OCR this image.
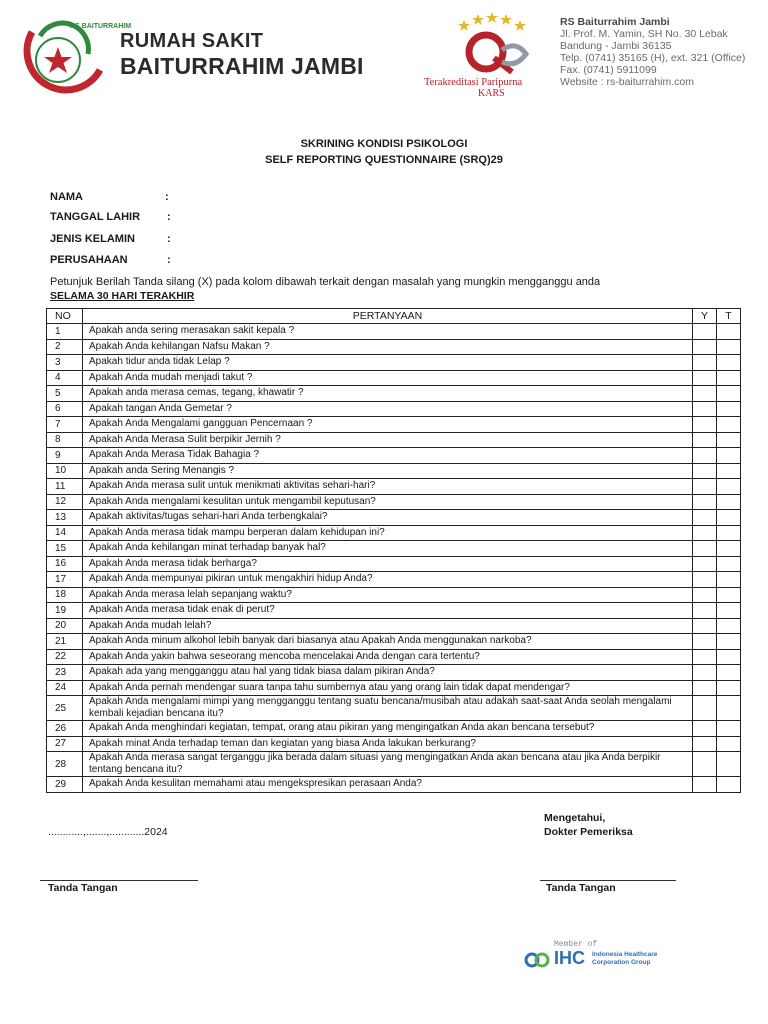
RS BAITURRAHIM
RUMAH SAKIT
BAITURRAHIM JAMBI
Terakreditasi Paripurna
KARS
RS Baiturrahim Jambi
Jl. Prof. M. Yamin, SH No. 30 Lebak
Bandung - Jambi 36135
Telp. (0741) 35165 (H), ext. 321 (Office)
Fax. (0741) 5911099
Website : rs-baiturrahim.com
SKRINING KONDISI PSIKOLOGI
SELF REPORTING QUESTIONNAIRE (SRQ)29
NAMA	:
TANGGAL LAHIR :
JENIS KELAMIN	:
PERUSAHAAN	:
Petunjuk Berilah Tanda silang (X) pada kolom dibawah terkait dengan masalah yang mungkin mengganggu anda
SELAMA 30 HARI TERAKHIR
NO	PERTANYAAN	Y	T
1	Apakah anda sering merasakan sakit kepala ?		
2	Apakah Anda kehilangan Nafsu Makan ?		
3	Apakah tidur anda tidak Lelap ?		
4	Apakah Anda mudah menjadi takut ?		
5	Apakah anda merasa cemas, tegang, khawatir ?		
6	Apakah tangan Anda Gemetar ?		
7	Apakah Anda Mengalami gangguan Pencernaan ?		
8	Apakah Anda Merasa Sulit berpikir Jernih ?		
9	Apakah Anda Merasa Tidak Bahagia ?		
10	Apakah anda Sering Menangis ?		
11	Apakah Anda merasa sulit untuk menikmati aktivitas sehari-hari?		
12	Apakah Anda mengalami kesulitan untuk mengambil keputusan?		
13	Apakah aktivitas/tugas sehari-hari Anda terbengkalai?		
14	Apakah Anda merasa tidak mampu berperan dalam kehidupan ini?		
15	Apakah Anda kehilangan minat terhadap banyak hal?		
16	Apakah Anda merasa tidak berharga?		
17	Apakah Anda mempunyai pikiran untuk mengakhiri hidup Anda?		
18	Apakah Anda merasa lelah sepanjang waktu?		
19	Apakah Anda merasa tidak enak di perut?		
20	Apakah Anda mudah lelah?		
21	Apakah Anda minum alkohol lebih banyak dari biasanya atau Apakah Anda menggunakan narkoba?		
22	Apakah Anda yakin bahwa seseorang mencoba mencelakai Anda dengan cara tertentu?		
23	Apakah ada yang mengganggu atau hal yang tidak biasa dalam pikiran Anda?		
24	Apakah Anda pernah mendengar suara tanpa tahu sumbernya atau yang orang lain tidak dapat mendengar?		
25	Apakah Anda mengalami mimpi yang mengganggu tentang suatu bencana/musibah atau adakah saat-saat Anda seolah mengalami kembali kejadian bencana itu?		
26	Apakah Anda menghindari kegiatan, tempat, orang atau pikiran yang mengingatkan Anda akan bencana tersebut?		
27	Apakah minat Anda terhadap teman dan kegiatan yang biasa Anda lakukan berkurang?		
28	Apakah Anda merasa sangat terganggu jika berada dalam situasi yang mengingatkan Anda akan bencana atau jika Anda berpikir tentang bencana itu?		
29	Apakah Anda kesulitan memahami atau mengekspresikan perasaan Anda?		
Mengetahui,
Dokter Pemeriksa
............,.......,............2024
Tanda Tangan	Tanda Tangan
Member of
IHC Indonesia Healthcare
Corporation Group
